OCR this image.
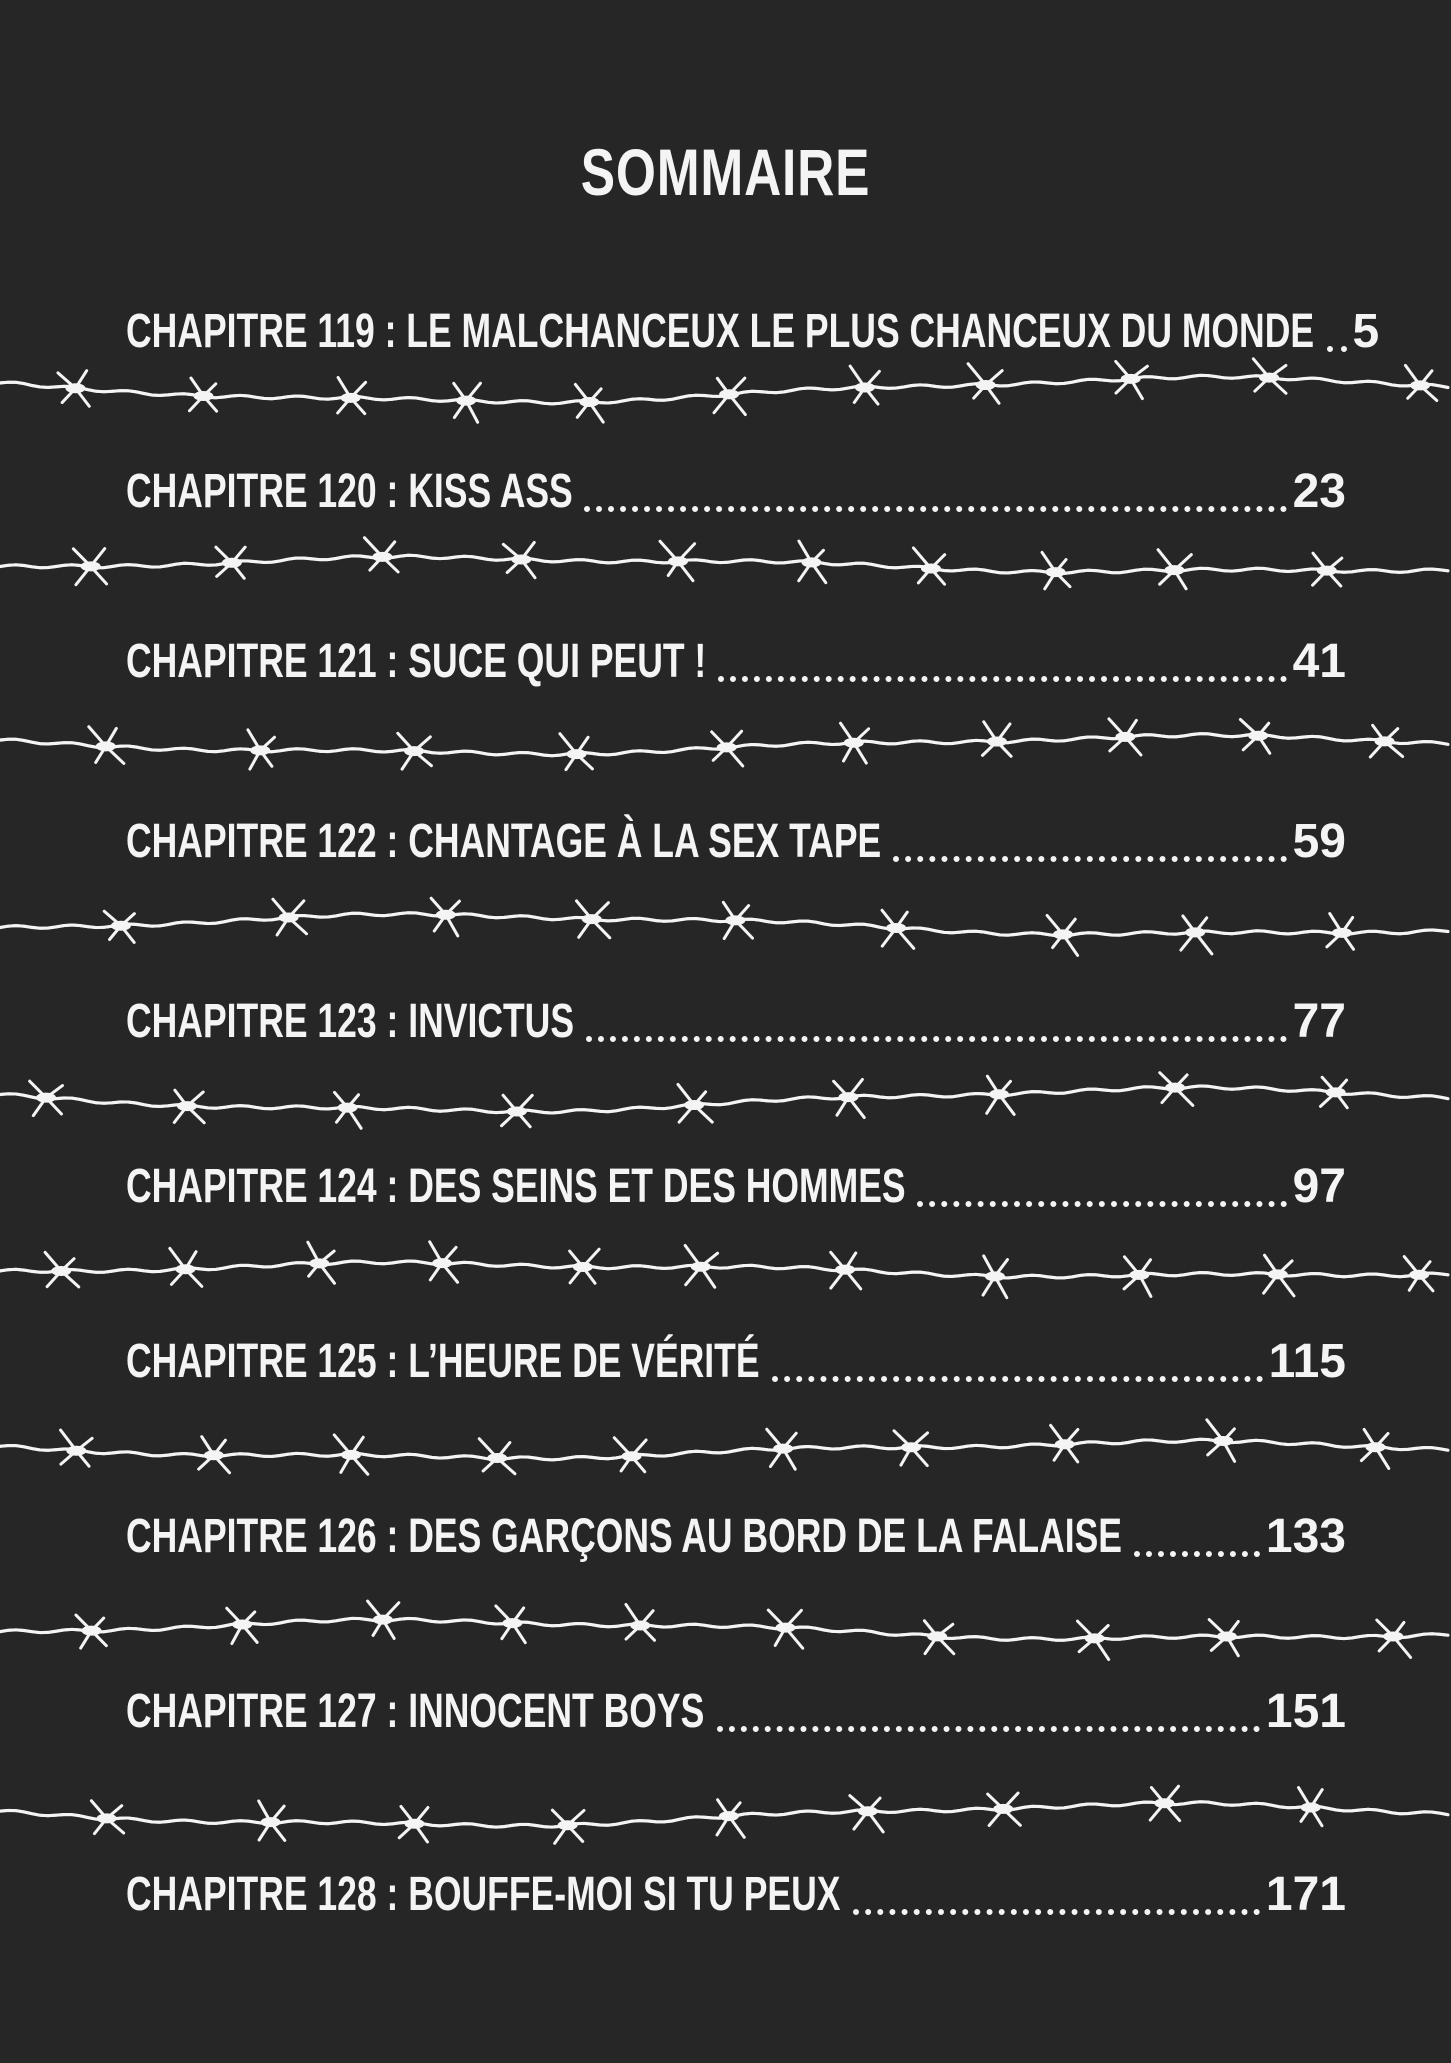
SOMMAIRE
CHAPITRE 119 : LE MALCHANCEUX LE PLUS CHANCEUX DU MONDE 5
CHAPITRE 120 : KISS ASS	23
CHAPITRE 121 : SUCE QUI PEUT !	41
CHAPITRE 122 : CHANTAGE À LA SEX TAPE	59
CHAPITRE 123 : INVICTUS	77
CHAPITRE 124 : DES SEINS ET DES HOMMES	97
CHAPITRE 125 : L’HEURE DE VÉRITÉ	115
CHAPITRE 126 : DES GARÇONS AU BORD DE LA FALAISE	133
CHAPITRE 127 : INNOCENT BOYS	151
CHAPITRE 128 : BOUFFE-MOI SI TU PEUX	171
